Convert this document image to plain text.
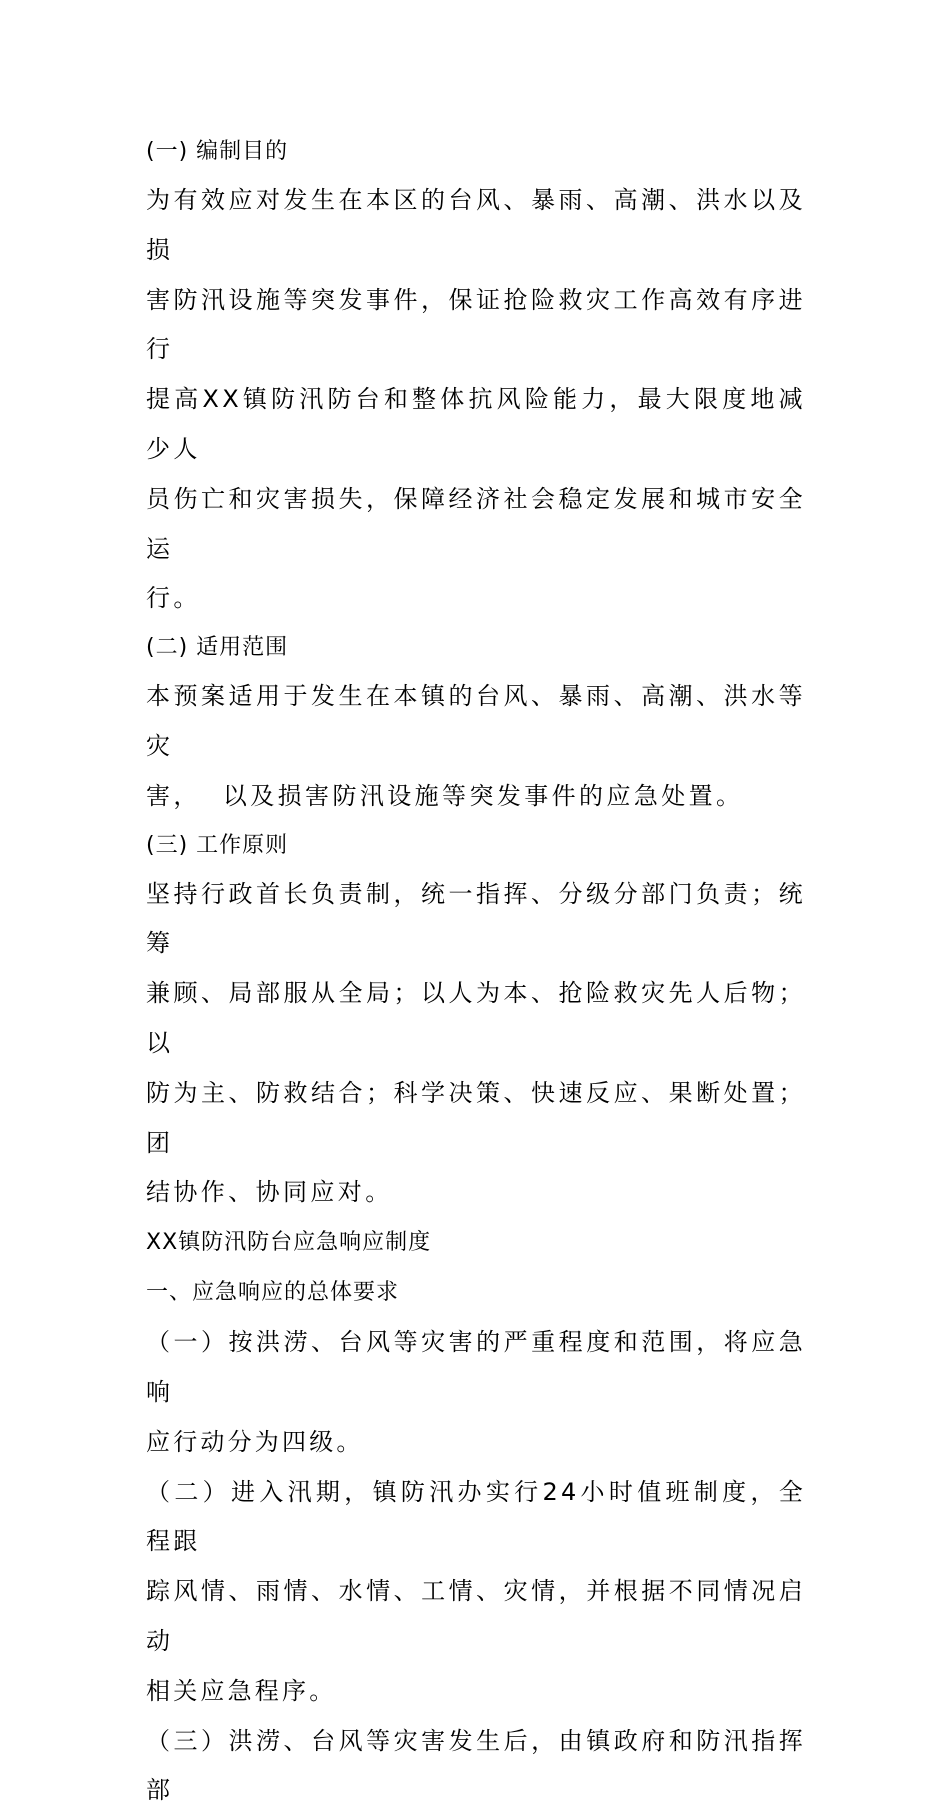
(一) 编制目的
为有效应对发生在本区的台风、暴雨、高潮、洪水以及损
害防汛设施等突发事件，保证抢险救灾工作高效有序进行
提高XX镇防汛防台和整体抗风险能力，最大限度地减少人
员伤亡和灾害损失，保障经济社会稳定发展和城市安全运
行。
(二) 适用范围
本预案适用于发生在本镇的台风、暴雨、高潮、洪水等灾
害，  以及损害防汛设施等突发事件的应急处置。
(三) 工作原则
坚持行政首长负责制，统一指挥、分级分部门负责；统筹
兼顾、局部服从全局；以人为本、抢险救灾先人后物；以
防为主、防救结合；科学决策、快速反应、果断处置；团
结协作、协同应对。
XX镇防汛防台应急响应制度
一、应急响应的总体要求
（一）按洪涝、台风等灾害的严重程度和范围，将应急响
应行动分为四级。
（二）进入汛期，镇防汛办实行24小时值班制度，全程跟
踪风情、雨情、水情、工情、灾情，并根据不同情况启动
相关应急程序。
（三）洪涝、台风等灾害发生后，由镇政府和防汛指挥部
